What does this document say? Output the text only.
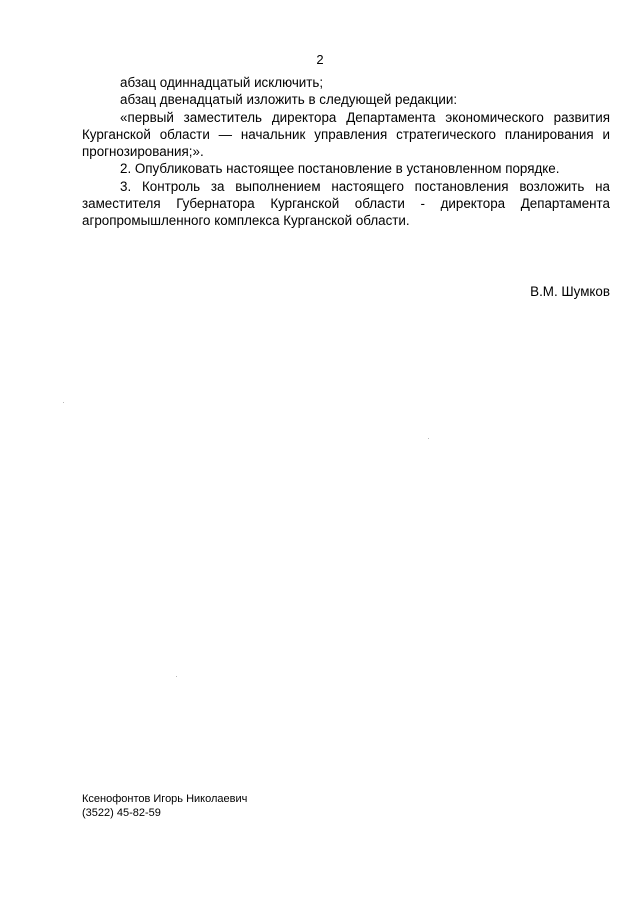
2

абзац одиннадцатый исключить;

абзац двенадцатый изложить в следующей редакции:

«первый заместитель директора Департамента экономического развития Курганской области — начальник управления стратегического планирования и прогнозирования;».

2. Опубликовать настоящее постановление в установленном порядке.

3. Контроль за выполнением настоящего постановления возложить на заместителя Губернатора Курганской области - директора Департамента агропромышленного комплекса Курганской области.

В.М. Шумков
Ксенофонтов Игорь Николаевич
(3522) 45-82-59
